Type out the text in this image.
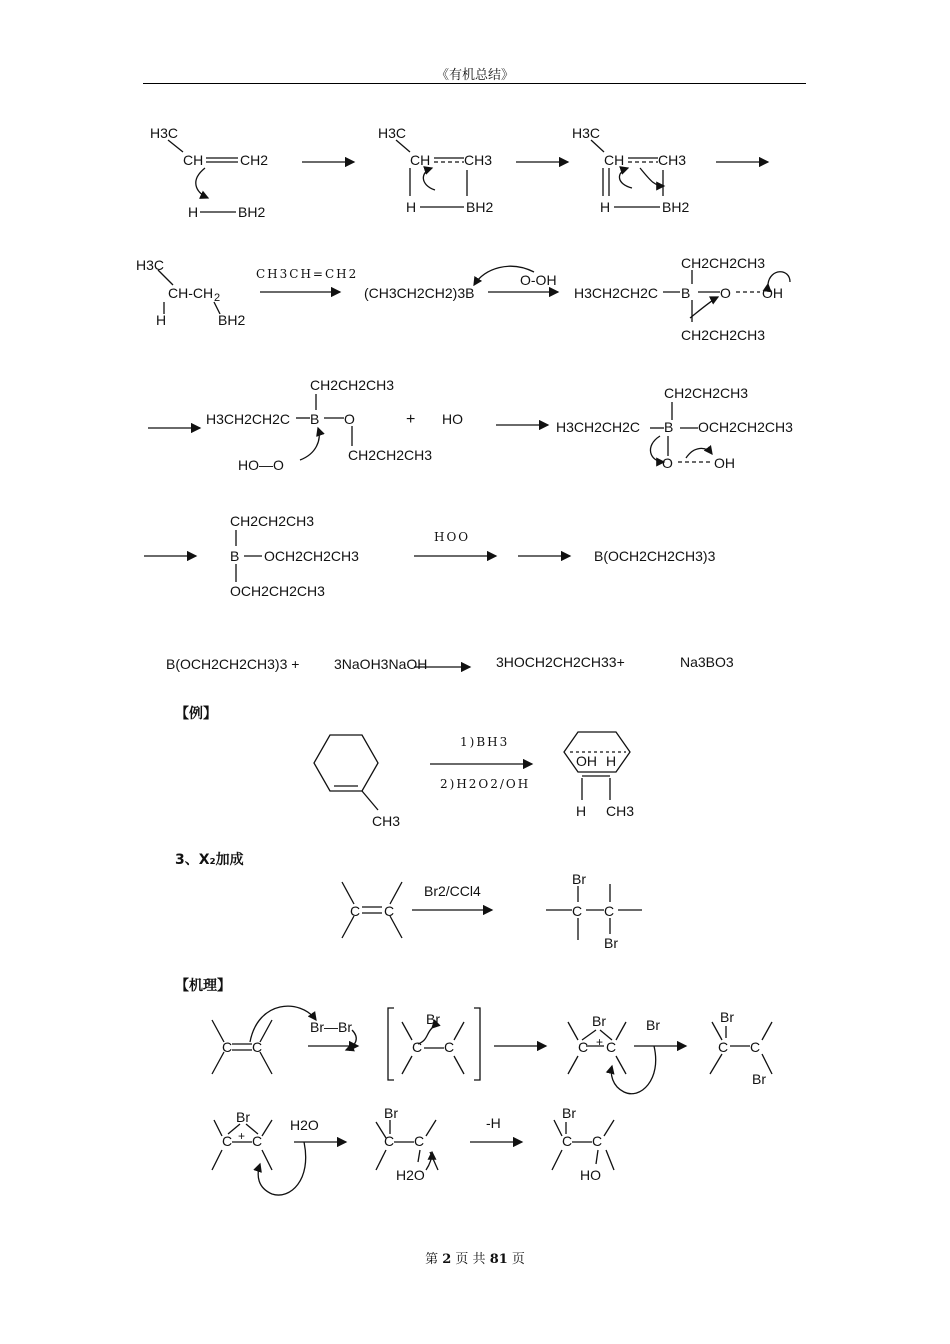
《有机总结》
【例】
3、X₂加成
【机理】
H3C
CH	CH2
H	BH2
H3C
CH CH3
H	BH2
H3C
CH CH3
H	BH2
H3C
CH-CH 2
H	BH2
CH3CH=CH2
(CH3CH2CH2)3B
O-OH
H3CH2CH2C B
CH2CH2CH3
CH2CH2CH3
O OH
H3CH2CH2C B
CH2CH2CH3
O
CH2CH2CH3
HO—O
+ HO	H3CH2CH2C B
CH2CH2CH3
OCH2CH2CH3
O	OH
CH2CH2CH3
B OCH2CH2CH3
OCH2CH2CH3
HOO
B(OCH2CH2CH3)3
B(OCH2CH2CH3)3 + 3NaOH3NaOH	3HOCH2CH2CH33+	Na3BO3
CH3
1)BH3
2)H2O2/OH
OH H
H CH3
C C
Br2/CCl4
Br
C C
Br
C C
Br—Br	Br
C C
Br
C C
+
Br	Br
C C
Br
Br
C C
+
H2O
Br
C C
H2O
-H
Br
C C
HO
第 2 页 共 81 页
